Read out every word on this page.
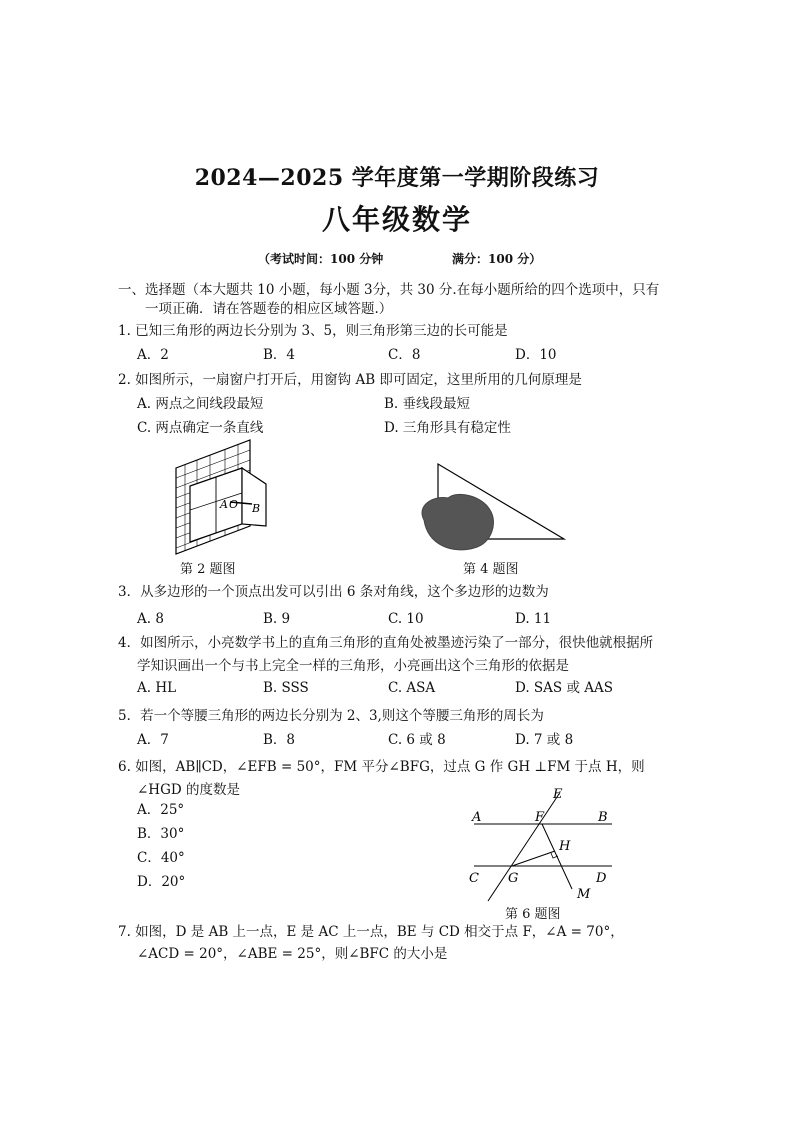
2024—2025 学年度第一学期阶段练习
八年级数学
（考试时间：100 分钟	满分：100 分）
一、选择题（本大题共 10 小题，每小题 3分，共 30 分.在每小题所给的四个选项中，只有
一项正确．请在答题卷的相应区域答题.）
1. 已知三角形的两边长分别为 3、5，则三角形第三边的长可能是
A．2	B．4	C．8	D．10
2. 如图所示，一扇窗户打开后，用窗钩 AB 即可固定，这里所用的几何原理是
A. 两点之间线段最短	B. 垂线段最短
C. 两点确定一条直线	D. 三角形具有稳定性
A O B
第 2 题图	第 4 题图
3．从多边形的一个顶点出发可以引出 6 条对角线，这个多边形的边数为
A. 8	B. 9	C. 10	D. 11
4．如图所示，小亮数学书上的直角三角形的直角处被墨迹污染了一部分，很快他就根据所
学知识画出一个与书上完全一样的三角形，小亮画出这个三角形的依据是
A. HL	B. SSS	C. ASA	D. SAS 或 AAS
5．若一个等腰三角形的两边长分别为 2、3,则这个等腰三角形的周长为
A．7	B．8	C. 6 或 8	D. 7 或 8
6. 如图，AB∥CD，∠EFB = 50°，FM 平分∠BFG，过点 G 作 GH ⊥FM 于点 H，则
∠HGD 的度数是
A．25°
B．30°
C．40°
D．20°
E
A	F	B
H
C G	D
M
第 6 题图
7. 如图，D 是 AB 上一点，E 是 AC 上一点，BE 与 CD 相交于点 F，∠A = 70°，
∠ACD = 20°，∠ABE = 25°，则∠BFC 的大小是
